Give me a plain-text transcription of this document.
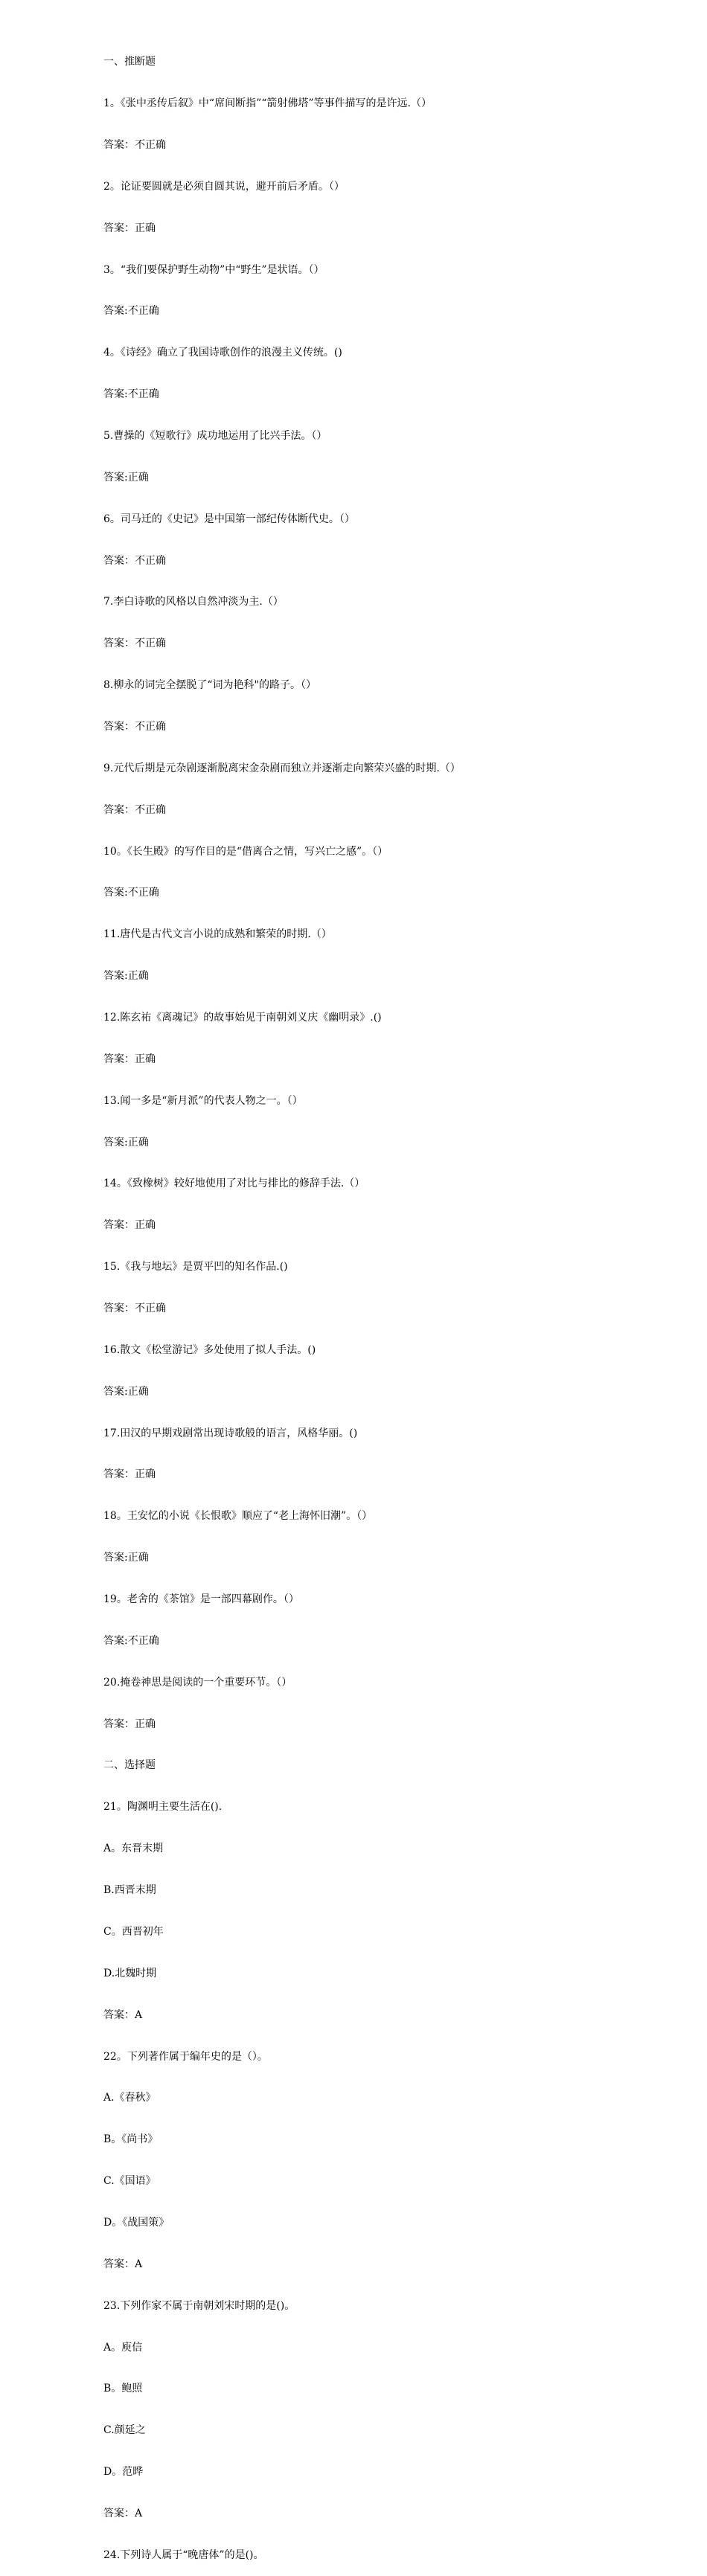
一、推断题

1。《张中丞传后叙》中“席间断指”“箭射佛塔”等事件描写的是许远.（）

答案：不正确

2。论证要圆就是必须自圆其说，避开前后矛盾。（）

答案：正确

3。“我们要保护野生动物”中“野生”是状语。（）

答案:不正确

4。《诗经》确立了我国诗歌创作的浪漫主义传统。()

答案:不正确

5.曹操的《短歌行》成功地运用了比兴手法。（）

答案:正确

6。司马迁的《史记》是中国第一部纪传体断代史。（）

答案：不正确

7.李白诗歌的风格以自然冲淡为主.（）

答案：不正确

8.柳永的词完全摆脱了“词为艳科"的路子。（）

答案：不正确

9.元代后期是元杂剧逐渐脱离宋金杂剧而独立并逐渐走向繁荣兴盛的时期.（）

答案：不正确

10。《长生殿》的写作目的是“借离合之情，写兴亡之感”。（）

答案:不正确

11.唐代是古代文言小说的成熟和繁荣的时期.（）

答案:正确

12.陈玄祐《离魂记》的故事始见于南朝刘义庆《幽明录》.()

答案：正确

13.闻一多是“新月派”的代表人物之一。（）

答案:正确

14。《致橡树》较好地使用了对比与排比的修辞手法.（）

答案：正确

15.《我与地坛》是贾平凹的知名作品.()

答案：不正确

16.散文《松堂游记》多处使用了拟人手法。()

答案:正确

17.田汉的早期戏剧常出现诗歌般的语言，风格华丽。()

答案：正确

18。王安忆的小说《长恨歌》顺应了“老上海怀旧潮”。（）

答案:正确

19。老舍的《茶馆》是一部四幕剧作。（）

答案:不正确

20.掩卷神思是阅读的一个重要环节。（）

答案：正确

二、选择题

21。陶渊明主要生活在().

A。东晋末期

B.西晋末期

C。西晋初年

D.北魏时期

答案：A

22。下列著作属于编年史的是（）。

A.《春秋》

B。《尚书》

C.《国语》

D。《战国策》

答案：A

23.下列作家不属于南朝刘宋时期的是()。

A。庾信

B。鲍照

C.颜延之

D。范晔

答案：A

24.下列诗人属于“晚唐体”的是()。
